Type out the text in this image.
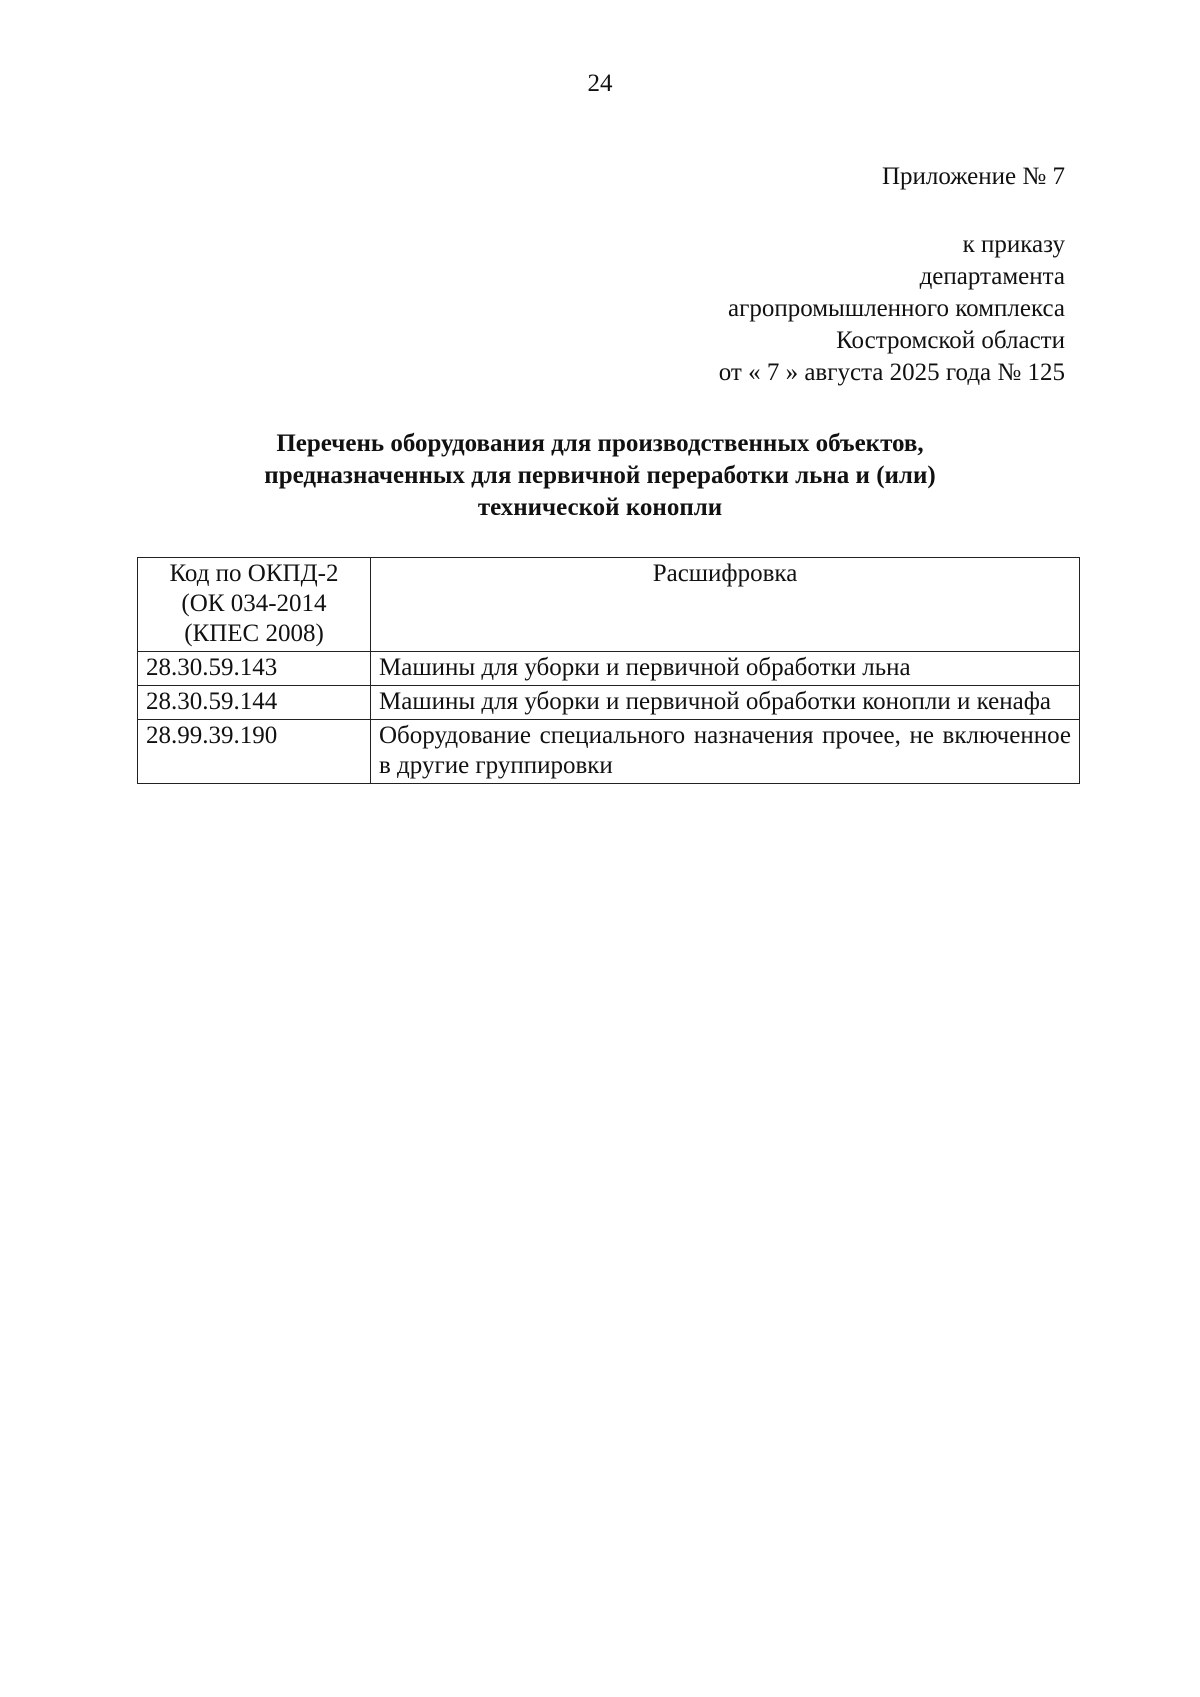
24
Приложение № 7
к приказу
департамента
агропромышленного комплекса
Костромской области
от « 7 » августа 2025 года № 125
Перечень оборудования для производственных объектов,
предназначенных для первичной переработки льна и (или)
технической конопли
Код по ОКПД-2
(ОК 034-2014
(КПЕС 2008)	Расшифровка
28.30.59.143	Машины для уборки и первичной обработки льна
28.30.59.144	Машины для уборки и первичной обработки конопли и кенафа
28.99.39.190	Оборудование специального назначения прочее, не включенное в другие группировки
